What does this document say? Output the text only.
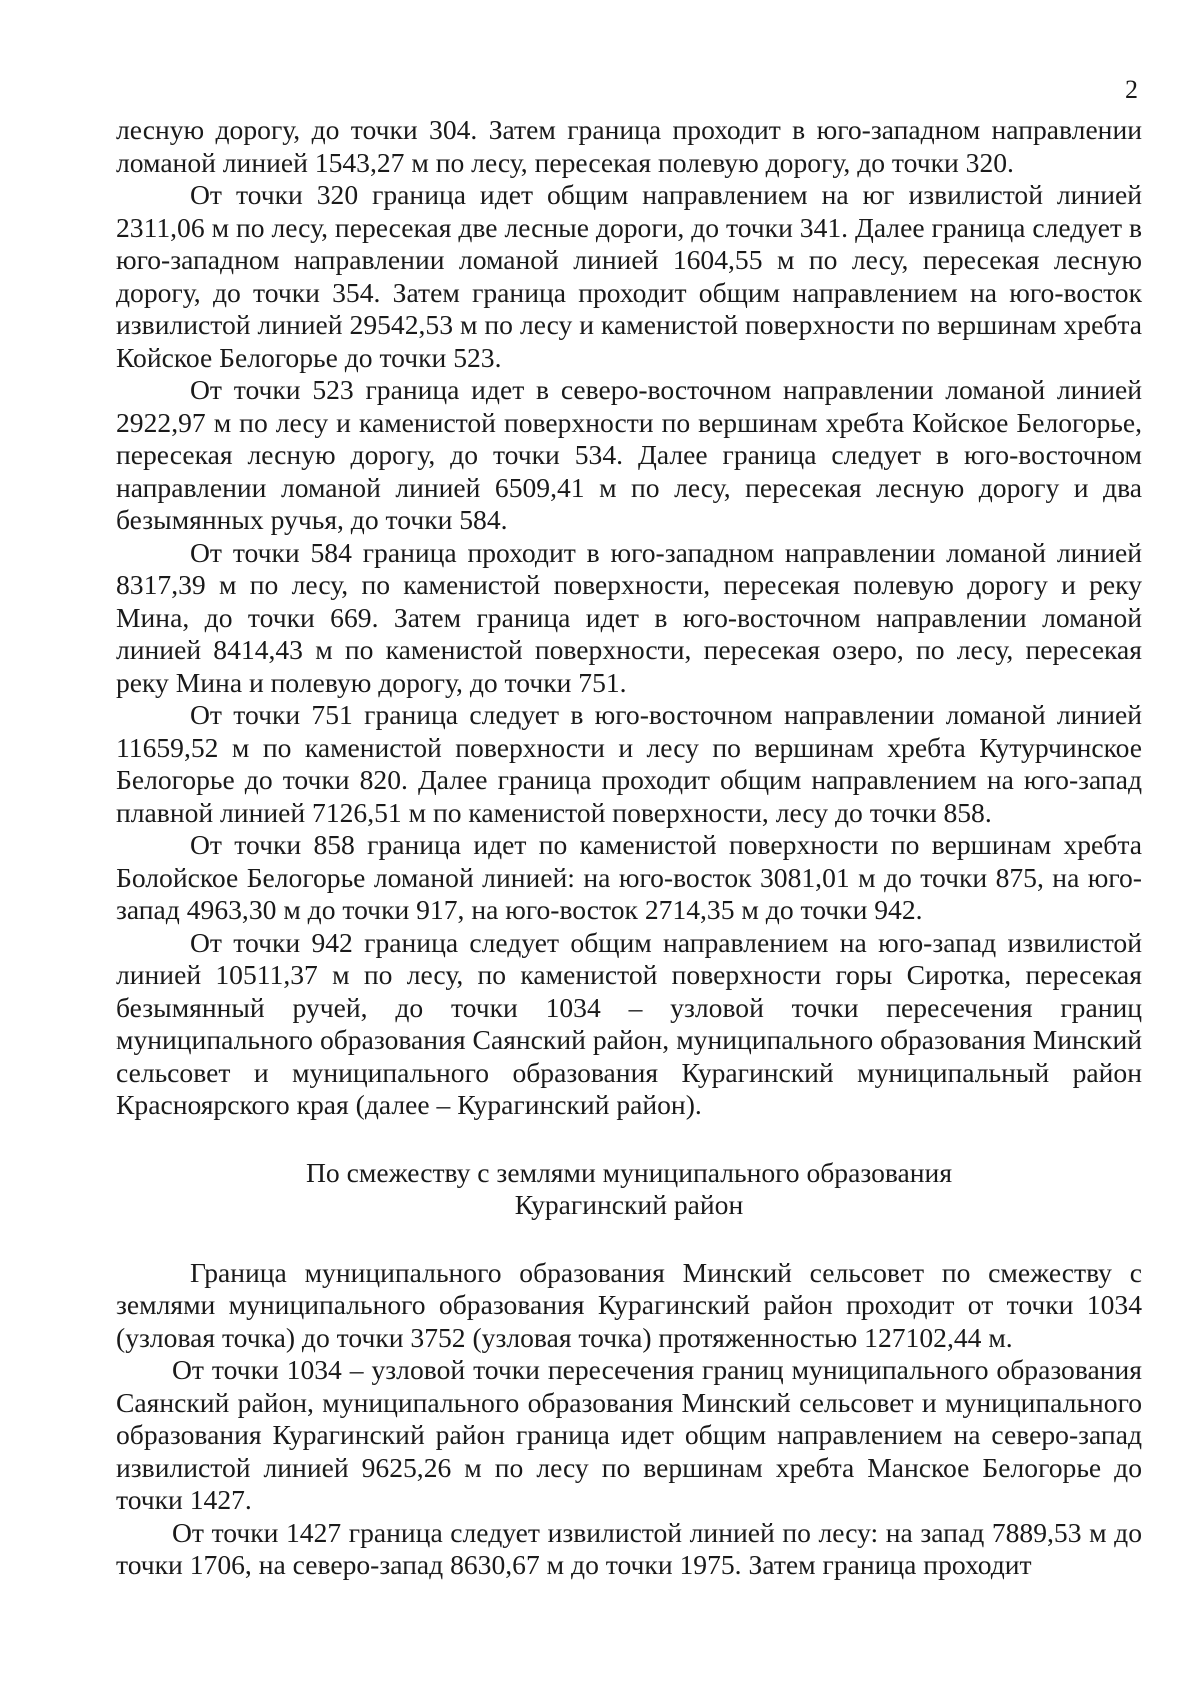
2

лесную дорогу, до точки 304. Затем граница проходит в юго-западном направлении ломаной линией 1543,27 м по лесу, пересекая полевую дорогу, до точки 320.

От точки 320 граница идет общим направлением на юг извилистой линией 2311,06 м по лесу, пересекая две лесные дороги, до точки 341. Далее граница следует в юго-западном направлении ломаной линией 1604,55 м по лесу, пересекая лесную дорогу, до точки 354. Затем граница проходит общим направлением на юго-восток извилистой линией 29542,53 м по лесу и каменистой поверхности по вершинам хребта Койское Белогорье до точки 523.

От точки 523 граница идет в северо-восточном направлении ломаной линией 2922,97 м по лесу и каменистой поверхности по вершинам хребта Койское Белогорье, пересекая лесную дорогу, до точки 534. Далее граница следует в юго-восточном направлении ломаной линией 6509,41 м по лесу, пересекая лесную дорогу и два безымянных ручья, до точки 584.

От точки 584 граница проходит в юго-западном направлении ломаной линией 8317,39 м по лесу, по каменистой поверхности, пересекая полевую дорогу и реку Мина, до точки 669. Затем граница идет в юго-восточном направлении ломаной линией 8414,43 м по каменистой поверхности, пересекая озеро, по лесу, пересекая реку Мина и полевую дорогу, до точки 751.

От точки 751 граница следует в юго-восточном направлении ломаной линией 11659,52 м по каменистой поверхности и лесу по вершинам хребта Кутурчинское Белогорье до точки 820. Далее граница проходит общим направлением на юго-запад плавной линией 7126,51 м по каменистой поверхности, лесу до точки 858.

От точки 858 граница идет по каменистой поверхности по вершинам хребта Болойское Белогорье ломаной линией: на юго-восток 3081,01 м до точки 875, на юго-запад 4963,30 м до точки 917, на юго-восток 2714,35 м до точки 942.

От точки 942 граница следует общим направлением на юго-запад извилистой линией 10511,37 м по лесу, по каменистой поверхности горы Сиротка, пересекая безымянный ручей, до точки 1034 – узловой точки пересечения границ муниципального образования Саянский район, муниципального образования Минский сельсовет и муниципального образования Курагинский муниципальный район Красноярского края (далее – Курагинский район).

По смежеству с землями муниципального образования
Курагинский район

Граница муниципального образования Минский сельсовет по смежеству с землями муниципального образования Курагинский район проходит от точки 1034 (узловая точка) до точки 3752 (узловая точка) протяженностью 127102,44 м.

От точки 1034 – узловой точки пересечения границ муниципального образования Саянский район, муниципального образования Минский сельсовет и муниципального образования Курагинский район граница идет общим направлением на северо-запад извилистой линией 9625,26 м по лесу по вершинам хребта Манское Белогорье до точки 1427.

От точки 1427 граница следует извилистой линией по лесу: на запад 7889,53 м до точки 1706, на северо-запад 8630,67 м до точки 1975. Затем граница проходит
